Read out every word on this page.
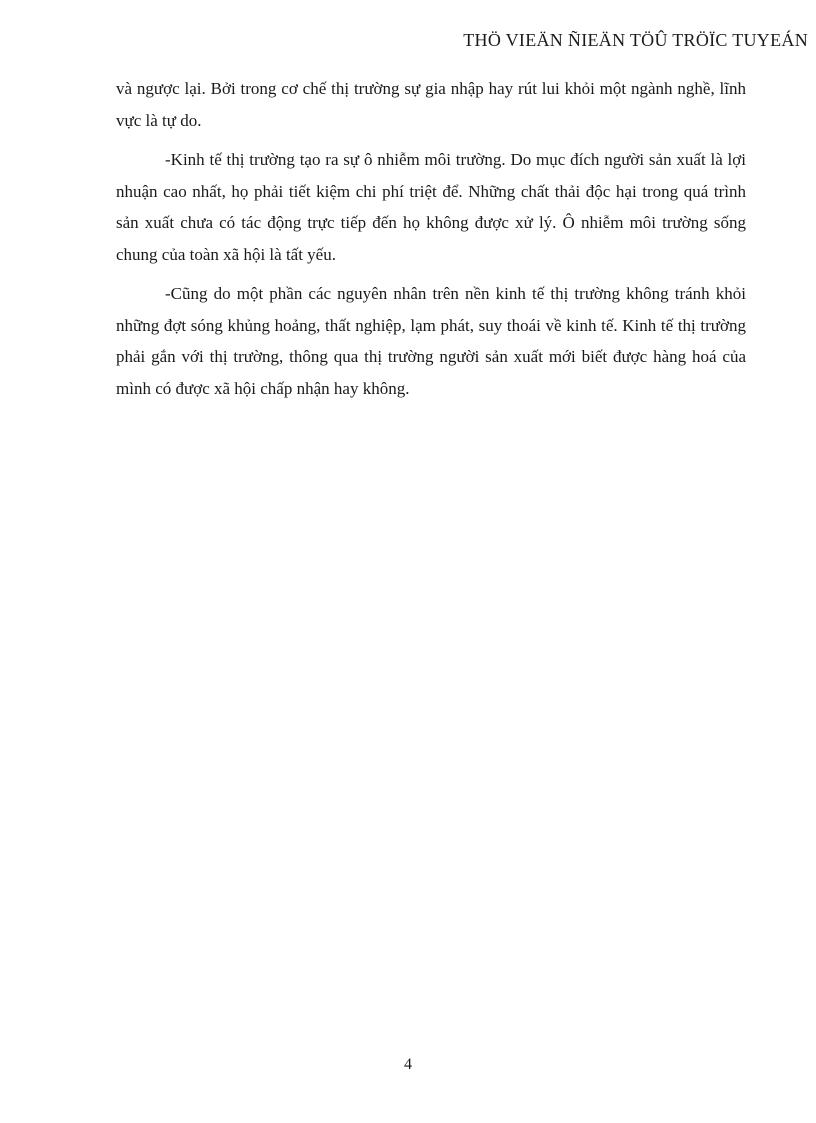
THÖ VIEÄN ÑIEÄN TÖÛ TRÖÏC TUYEÁN

và ngược lại. Bởi trong cơ chế thị trường sự gia nhập hay rút lui khỏi một ngành nghề, lĩnh vực là tự do.

-Kinh tế thị trường tạo ra sự ô nhiễm môi trường. Do mục đích người sản xuất là lợi nhuận cao nhất, họ phải tiết kiệm chi phí triệt để. Những chất thải độc hại trong quá trình sản xuất chưa có tác động trực tiếp đến họ không được xử lý. Ô nhiễm môi trường sống chung của toàn xã hội là tất yếu.

-Cũng do một phần các nguyên nhân trên nền kinh tế thị trường không tránh khỏi những đợt sóng khủng hoảng, thất nghiệp, lạm phát, suy thoái về kinh tế. Kinh tế thị trường phải gắn với thị trường, thông qua thị trường người sản xuất mới biết được hàng hoá của mình có được xã hội chấp nhận hay không.

4
